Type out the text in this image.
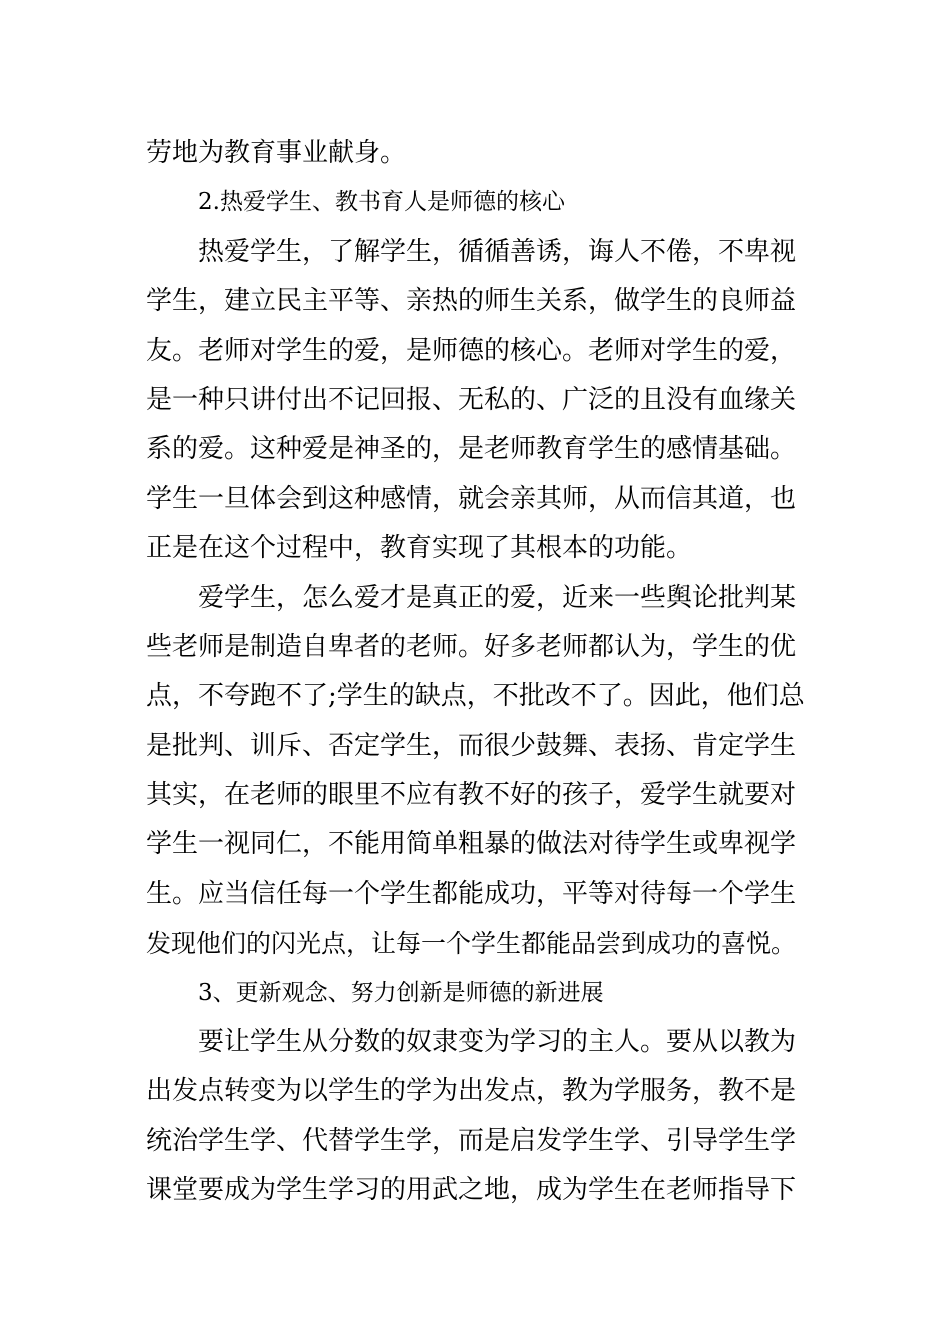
劳地为教育事业献身。
2.热爱学生、教书育人是师德的核心
热爱学生，了解学生，循循善诱，诲人不倦，不卑视
学生，建立民主平等、亲热的师生关系，做学生的良师益
友。老师对学生的爱，是师德的核心。老师对学生的爱，
是一种只讲付出不记回报、无私的、广泛的且没有血缘关
系的爱。这种爱是神圣的，是老师教育学生的感情基础。
学生一旦体会到这种感情，就会亲其师，从而信其道，也
正是在这个过程中，教育实现了其根本的功能。
爱学生，怎么爱才是真正的爱，近来一些舆论批判某
些老师是制造自卑者的老师。好多老师都认为，学生的优
点，不夸跑不了;学生的缺点，不批改不了。因此，他们总
是批判、训斥、否定学生，而很少鼓舞、表扬、肯定学生
其实，在老师的眼里不应有教不好的孩子，爱学生就要对
学生一视同仁，不能用简单粗暴的做法对待学生或卑视学
生。应当信任每一个学生都能成功，平等对待每一个学生
发现他们的闪光点，让每一个学生都能品尝到成功的喜悦。
3、更新观念、努力创新是师德的新进展
要让学生从分数的奴隶变为学习的主人。要从以教为
出发点转变为以学生的学为出发点，教为学服务，教不是
统治学生学、代替学生学，而是启发学生学、引导学生学
课堂要成为学生学习的用武之地，成为学生在老师指导下
